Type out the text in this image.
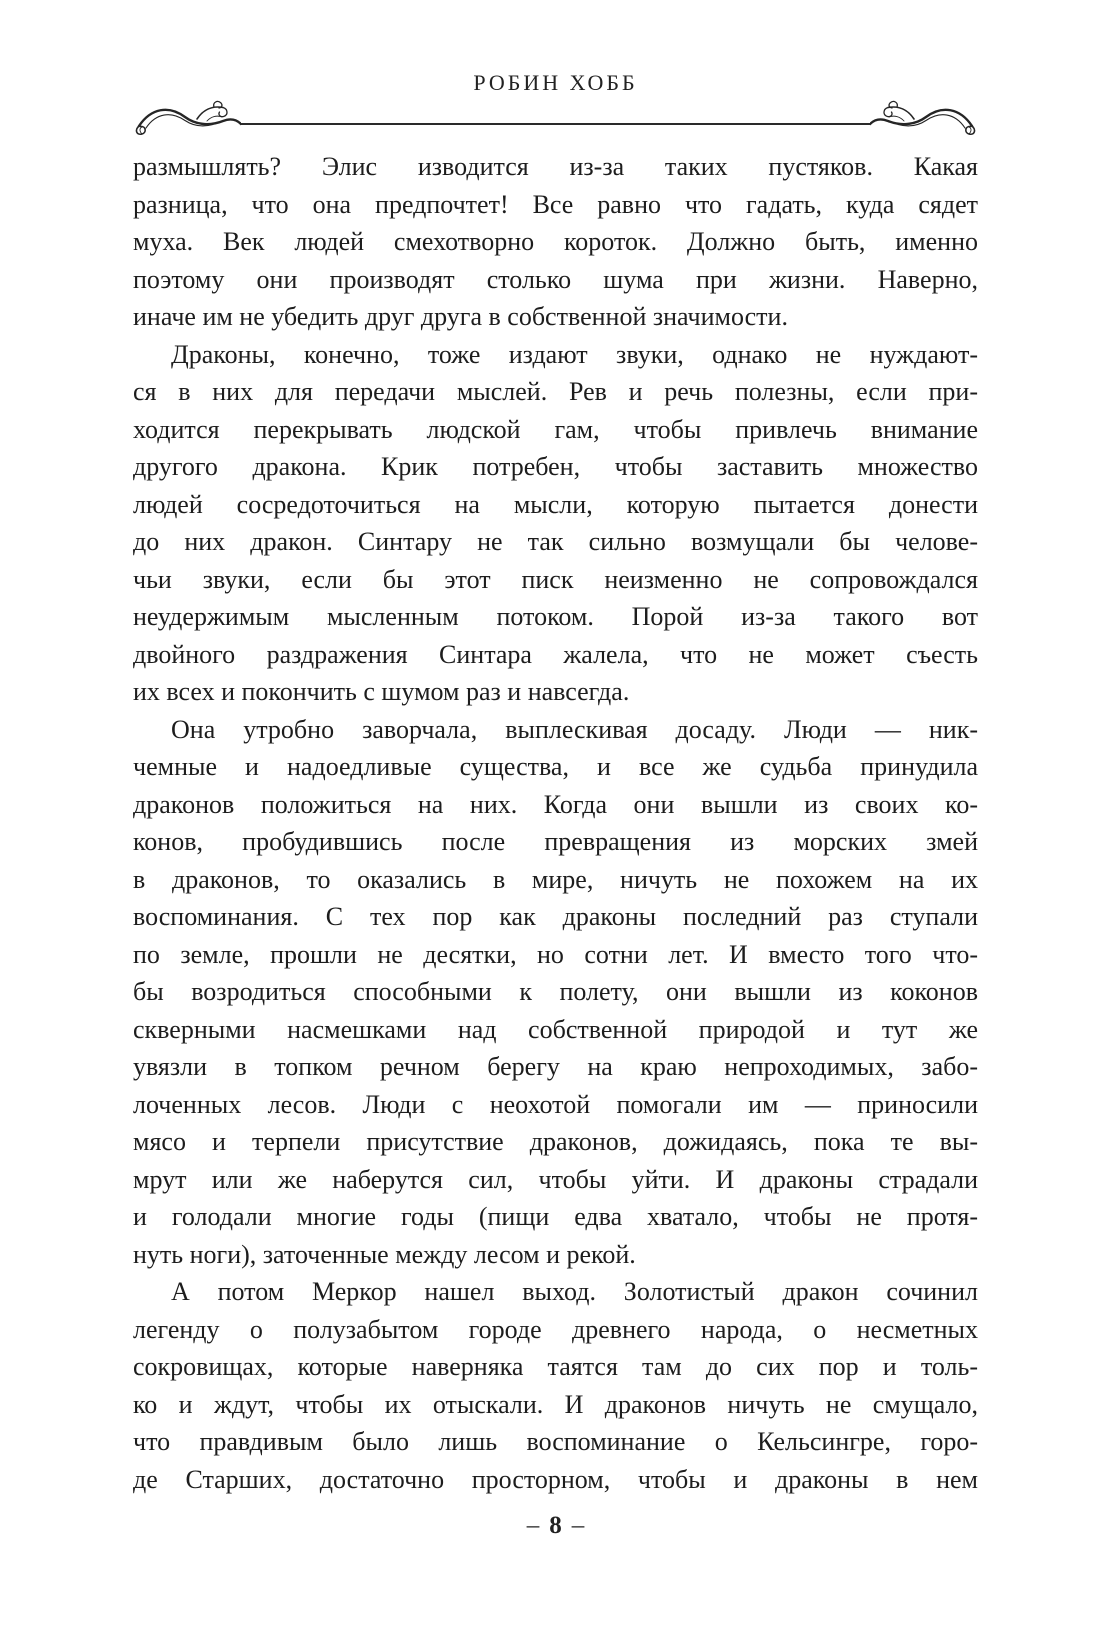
РОБИН ХОББ
размышлять? Элис изводится из-за таких пустяков. Какая
разница, что она предпочтет! Все равно что гадать, куда сядет
муха. Век людей смехотворно короток. Должно быть, именно
поэтому они производят столько шума при жизни. Наверно,
иначе им не убедить друг друга в собственной значимости.
Драконы, конечно, тоже издают звуки, однако не нуждают-
ся в них для передачи мыслей. Рев и речь полезны, если при-
ходится перекрывать людской гам, чтобы привлечь внимание
другого дракона. Крик потребен, чтобы заставить множество
людей сосредоточиться на мысли, которую пытается донести
до них дракон. Синтару не так сильно возмущали бы челове-
чьи звуки, если бы этот писк неизменно не сопровождался
неудержимым мысленным потоком. Порой из-за такого вот
двойного раздражения Синтара жалела, что не может съесть
их всех и покончить с шумом раз и навсегда.
Она утробно заворчала, выплескивая досаду. Люди — ник-
чемные и надоедливые существа, и все же судьба принудила
драконов положиться на них. Когда они вышли из своих ко-
конов, пробудившись после превращения из морских змей
в драконов, то оказались в мире, ничуть не похожем на их
воспоминания. С тех пор как драконы последний раз ступали
по земле, прошли не десятки, но сотни лет. И вместо того что-
бы возродиться способными к полету, они вышли из коконов
скверными насмешками над собственной природой и тут же
увязли в топком речном берегу на краю непроходимых, забо-
лоченных лесов. Люди с неохотой помогали им — приносили
мясо и терпели присутствие драконов, дожидаясь, пока те вы-
мрут или же наберутся сил, чтобы уйти. И драконы страдали
и голодали многие годы (пищи едва хватало, чтобы не протя-
нуть ноги), заточенные между лесом и рекой.
А потом Меркор нашел выход. Золотистый дракон сочинил
легенду о полузабытом городе древнего народа, о несметных
сокровищах, которые наверняка таятся там до сих пор и толь-
ко и ждут, чтобы их отыскали. И драконов ничуть не смущало,
что правдивым было лишь воспоминание о Кельсингре, горо-
де Старших, достаточно просторном, чтобы и драконы в нем
– 8 –
